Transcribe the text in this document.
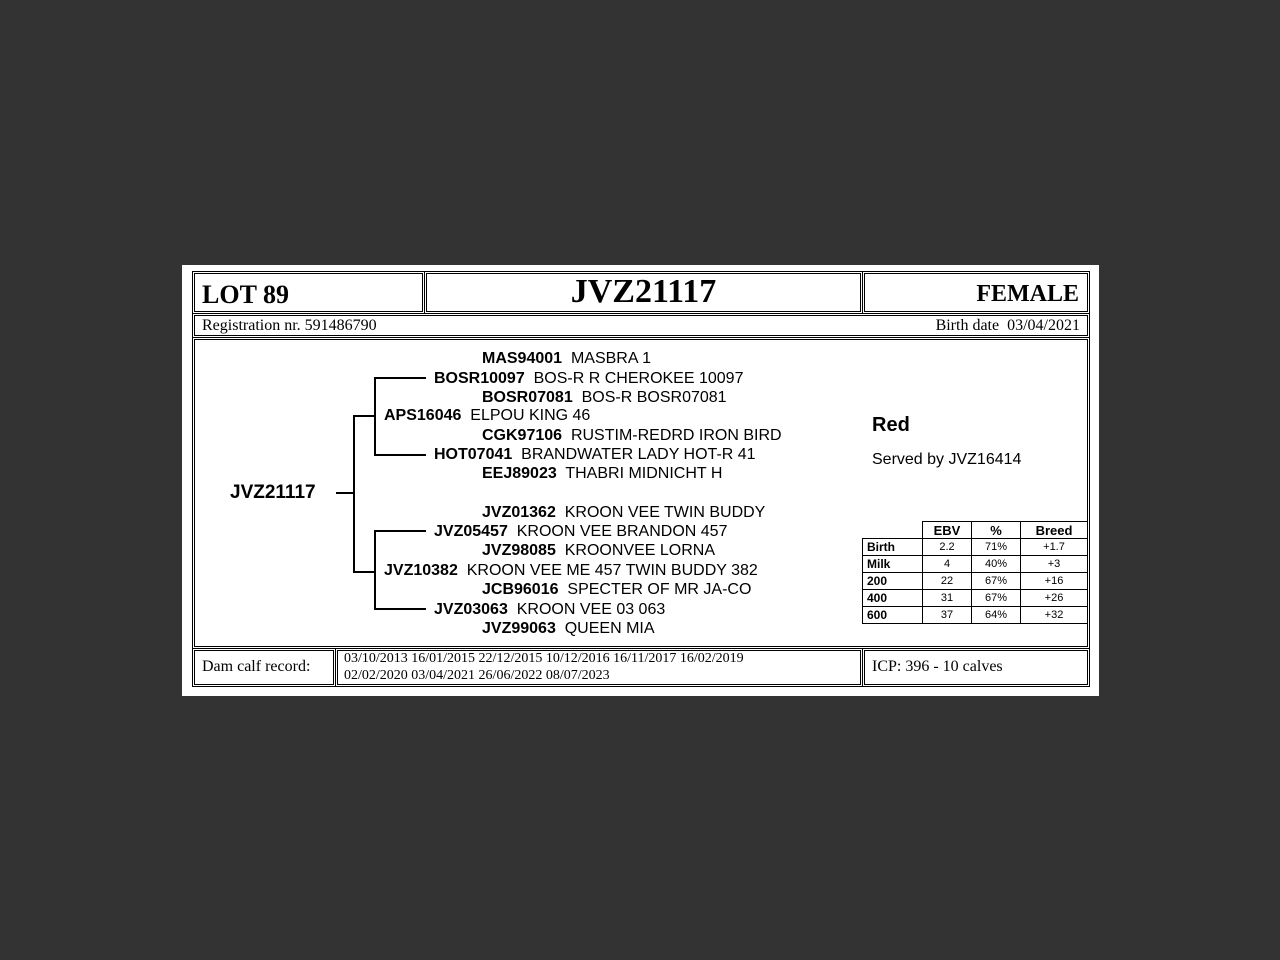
LOT 89	JVZ21117	FEMALE
Registration nr. 591486790	Birth date 03/04/2021
JVZ21117
MAS94001 MASBRA 1
BOSR10097 BOS-R R CHEROKEE 10097
BOSR07081 BOS-R BOSR07081
APS16046 ELPOU KING 46
CGK97106 RUSTIM-REDRD IRON BIRD
HOT07041 BRANDWATER LADY HOT-R 41
EEJ89023 THABRI MIDNICHT H
JVZ01362 KROON VEE TWIN BUDDY
JVZ05457 KROON VEE BRANDON 457
JVZ98085 KROONVEE LORNA
JVZ10382 KROON VEE ME 457 TWIN BUDDY 382
JCB96016 SPECTER OF MR JA-CO
JVZ03063 KROON VEE 03 063
JVZ99063 QUEEN MIA
Red
Served by JVZ16414
	EBV	%	Breed
Birth	2.2	71%	+1.7
Milk	4	40%	+3
200	22	67%	+16
400	31	67%	+26
600	37	64%	+32
Dam calf record: 03/10/2013 16/01/2015 22/12/2015 10/12/2016 16/11/2017 16/02/2019
02/02/2020 03/04/2021 26/06/2022 08/07/2023
ICP: 396 - 10 calves
